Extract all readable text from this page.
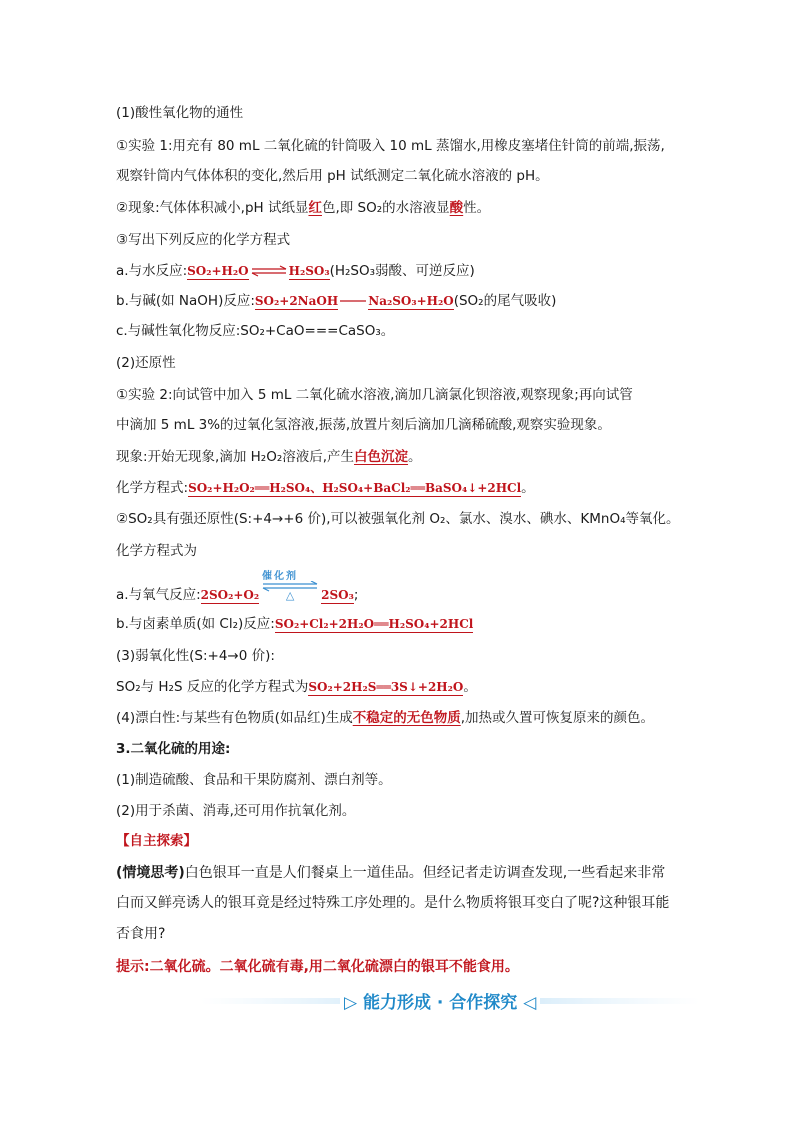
(1)酸性氧化物的通性
①实验 1:用充有 80 mL 二氧化硫的针筒吸入 10 mL 蒸馏水,用橡皮塞堵住针筒的前端,振荡,
观察针筒内气体体积的变化,然后用 pH 试纸测定二氧化硫水溶液的 pH。
②现象:气体体积减小,pH 试纸显红色,即 SO₂的水溶液显酸性。
③写出下列反应的化学方程式
a.与水反应:SO₂+H₂O⇌H₂SO₃(H₂SO₃弱酸、可逆反应)
b.与碱(如 NaOH)反应:SO₂+2NaOH	Na₂SO₃+H₂O(SO₂的尾气吸收)
c.与碱性氧化物反应:SO₂+CaO===CaSO₃。
(2)还原性
①实验 2:向试管中加入 5 mL 二氧化硫水溶液,滴加几滴氯化钡溶液,观察现象;再向试管
中滴加 5 mL 3%的过氧化氢溶液,振荡,放置片刻后滴加几滴稀硫酸,观察实验现象。
现象:开始无现象,滴加 H₂O₂溶液后,产生白色沉淀。
化学方程式:SO₂+H₂O₂══H₂SO₄、H₂SO₄+BaCl₂══BaSO₄↓+2HCl。
②SO₂具有强还原性(S:+4→+6 价),可以被强氧化剂 O₂、氯水、溴水、碘水、KMnO₄等氧化。
化学方程式为
催化剂
a.与氧气反应:2SO₂+O₂ △ 2SO₃;
b.与卤素单质(如 Cl₂)反应:SO₂+Cl₂+2H₂O══H₂SO₄+2HCl
(3)弱氧化性(S:+4→0 价):
SO₂与 H₂S 反应的化学方程式为SO₂+2H₂S══3S↓+2H₂O。
(4)漂白性:与某些有色物质(如品红)生成不稳定的无色物质,加热或久置可恢复原来的颜色。
3.二氧化硫的用途:
(1)制造硫酸、食品和干果防腐剂、漂白剂等。
(2)用于杀菌、消毒,还可用作抗氧化剂。
【自主探索】
(情境思考)白色银耳一直是人们餐桌上一道佳品。但经记者走访调查发现,一些看起来非常
白而又鲜亮诱人的银耳竟是经过特殊工序处理的。是什么物质将银耳变白了呢?这种银耳能
否食用?
提示:二氧化硫。二氧化硫有毒,用二氧化硫漂白的银耳不能食用。
▷ 能力形成 · 合作探究 ◁
